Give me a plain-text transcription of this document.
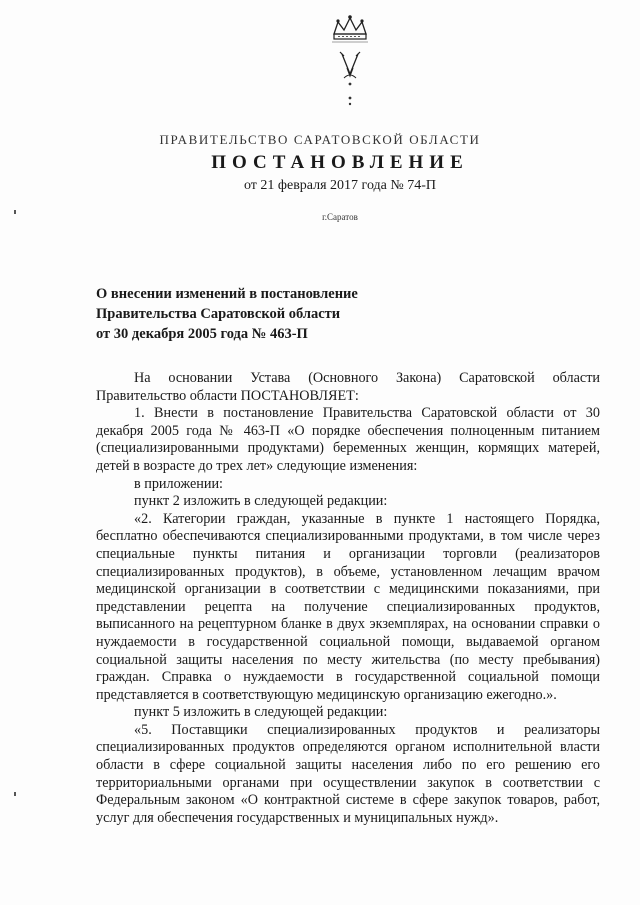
ПРАВИТЕЛЬСТВО САРАТОВСКОЙ ОБЛАСТИ
ПОСТАНОВЛЕНИЕ
от 21 февраля 2017 года № 74-П
г.Саратов
О внесении изменений в постановление
Правительства Саратовской области
от 30 декабря 2005 года № 463-П

На основании Устава (Основного Закона) Саратовской области Правительство области ПОСТАНОВЛЯЕТ:

1. Внести в постановление Правительства Саратовской области от 30 декабря 2005 года № 463-П «О порядке обеспечения полноценным питанием (специализированными продуктами) беременных женщин, кормящих матерей, детей в возрасте до трех лет» следующие изменения:

в приложении:

пункт 2 изложить в следующей редакции:

«2. Категории граждан, указанные в пункте 1 настоящего Порядка, бесплатно обеспечиваются специализированными продуктами, в том числе через специальные пункты питания и организации торговли (реализаторов специализированных продуктов), в объеме, установленном лечащим врачом медицинской организации в соответствии с медицинскими показаниями, при представлении рецепта на получение специализированных продуктов, выписанного на рецептурном бланке в двух экземплярах, на основании справки о нуждаемости в государственной социальной помощи, выдаваемой органом социальной защиты населения по месту жительства (по месту пребывания) граждан. Справка о нуждаемости в государственной социальной помощи представляется в соответствующую медицинскую организацию ежегодно.».

пункт 5 изложить в следующей редакции:

«5. Поставщики специализированных продуктов и реализаторы специализированных продуктов определяются органом исполнительной власти области в сфере социальной защиты населения либо по его решению его территориальными органами при осуществлении закупок в соответствии с Федеральным законом «О контрактной системе в сфере закупок товаров, работ, услуг для обеспечения государственных и муниципальных нужд».
